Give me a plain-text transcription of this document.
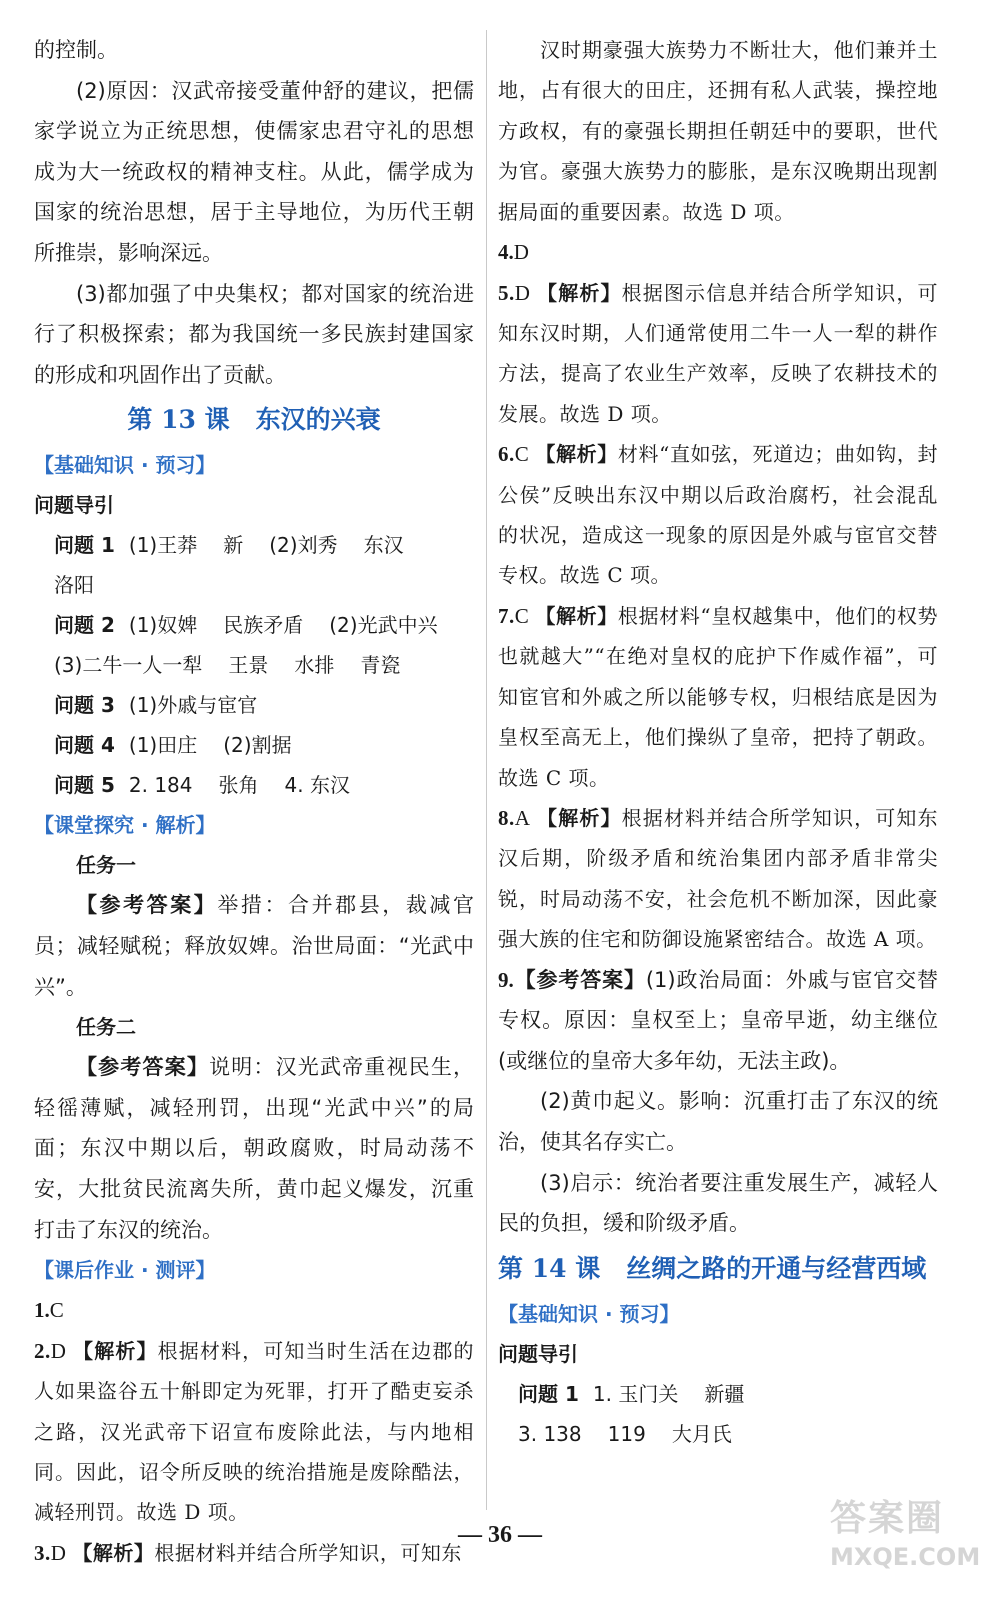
的控制。

(2)原因：汉武帝接受董仲舒的建议，把儒家学说立为正统思想，使儒家忠君守礼的思想成为大一统政权的精神支柱。从此，儒学成为国家的统治思想，居于主导地位，为历代王朝所推崇，影响深远。

(3)都加强了中央集权；都对国家的统治进行了积极探索；都为我国统一多民族封建国家的形成和巩固作出了贡献。

第 13 课 东汉的兴衰

【基础知识 · 预习】

问题导引

问题 1 (1)王莽 新 (2)刘秀 东汉

洛阳

问题 2 (1)奴婢 民族矛盾 (2)光武中兴

(3)二牛一人一犁 王景 水排 青瓷

问题 3 (1)外戚与宦官

问题 4 (1)田庄 (2)割据

问题 5 2. 184 张角 4. 东汉

【课堂探究 · 解析】

任务一

【参考答案】举措：合并郡县，裁减官员；减轻赋税；释放奴婢。治世局面：“光武中兴”。

任务二

【参考答案】说明：汉光武帝重视民生，轻徭薄赋，减轻刑罚，出现“光武中兴”的局面；东汉中期以后，朝政腐败，时局动荡不安，大批贫民流离失所，黄巾起义爆发，沉重打击了东汉的统治。

【课后作业 · 测评】

1.C

2.D 【解析】根据材料，可知当时生活在边郡的人如果盗谷五十斛即定为死罪，打开了酷吏妄杀之路，汉光武帝下诏宣布废除此法，与内地相同。因此，诏令所反映的统治措施是废除酷法，减轻刑罚。故选 D 项。

3.D 【解析】根据材料并结合所学知识，可知东

汉时期豪强大族势力不断壮大，他们兼并土地，占有很大的田庄，还拥有私人武装，操控地方政权，有的豪强长期担任朝廷中的要职，世代为官。豪强大族势力的膨胀，是东汉晚期出现割据局面的重要因素。故选 D 项。

4.D

5.D 【解析】根据图示信息并结合所学知识，可知东汉时期，人们通常使用二牛一人一犁的耕作方法，提高了农业生产效率，反映了农耕技术的发展。故选 D 项。

6.C 【解析】材料“直如弦，死道边；曲如钩，封公侯”反映出东汉中期以后政治腐朽，社会混乱的状况，造成这一现象的原因是外戚与宦官交替专权。故选 C 项。

7.C 【解析】根据材料“皇权越集中，他们的权势也就越大”“在绝对皇权的庇护下作威作福”，可知宦官和外戚之所以能够专权，归根结底是因为皇权至高无上，他们操纵了皇帝，把持了朝政。故选 C 项。

8.A 【解析】根据材料并结合所学知识，可知东汉后期，阶级矛盾和统治集团内部矛盾非常尖锐，时局动荡不安，社会危机不断加深，因此豪强大族的住宅和防御设施紧密结合。故选 A 项。

9.【参考答案】(1)政治局面：外戚与宦官交替专权。原因：皇权至上；皇帝早逝，幼主继位(或继位的皇帝大多年幼，无法主政)。

(2)黄巾起义。影响：沉重打击了东汉的统治，使其名存实亡。

(3)启示：统治者要注重发展生产，减轻人民的负担，缓和阶级矛盾。

第 14 课 丝绸之路的开通与经营西域

【基础知识 · 预习】

问题导引

问题 1 1. 玉门关 新疆

3. 138 119 大月氏

— 36 —	答案圈
MXQE.COM
